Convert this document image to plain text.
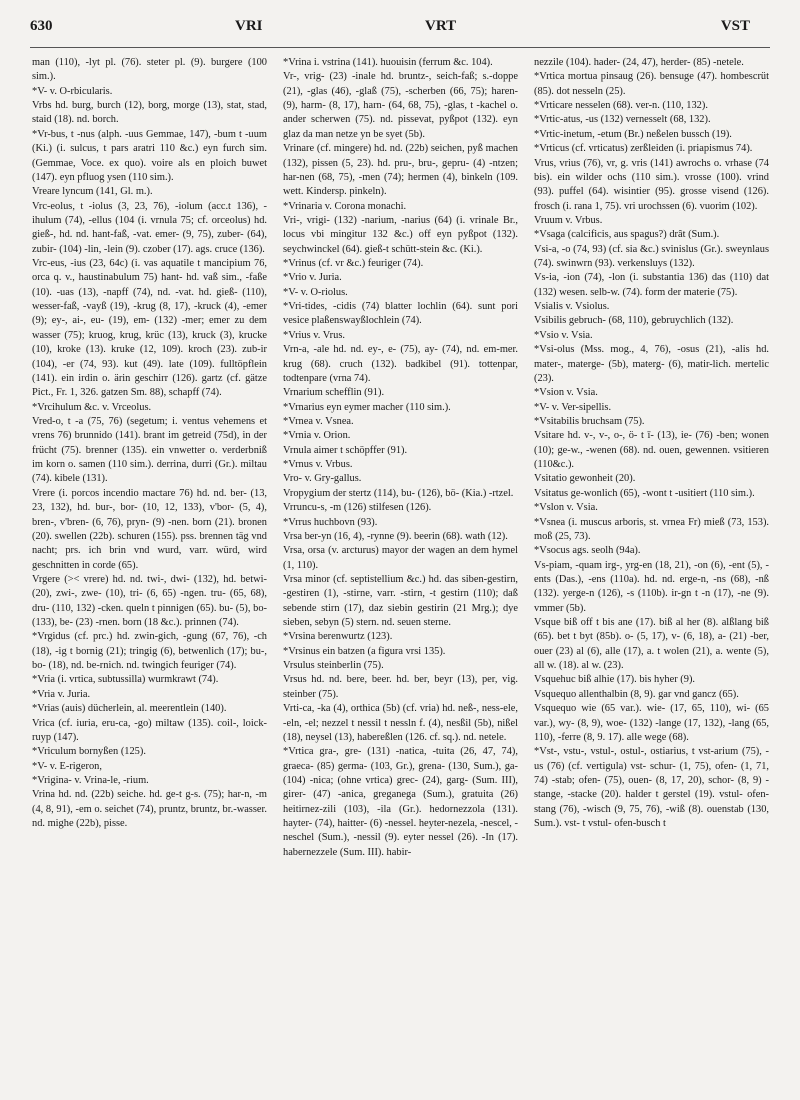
630	VRI	VRT	VST

man (110), -lyt pl. (76). steter pl. (9). burgere (100 sim.).

*V- v. O-rbicularis.

Vrbs hd. burg, burch (12), borg, morge (13), stat, stad, staid (18). nd. borch.

*Vr-bus, t -nus (alph. -uus Gemmae, 147), -bum t -uum (Ki.) (i. sulcus, t pars aratri 110 &c.) eyn furch sim. (Gemmae, Voce. ex quo). voire als en ploich buwet (147). eyn pfluog ysen (110 sim.).

Vreare lyncum (141, Gl. m.).

Vrc-eolus, t -iolus (3, 23, 76), -iolum (acc.t 136), -ihulum (74), -ellus (104 (i. vrnula 75; cf. orceolus) hd. gieß-, hd. nd. hant-faß, -vat. emer- (9, 75), zuber- (64), zubir- (104) -lin, -lein (9). czober (17). ags. cruce (136).

Vrc-eus, -ius (23, 64c) (i. vas aquatile t mancipium 76, orca q. v., haustinabulum 75) hant- hd. vaß sim., -faße (10). -uas (13), -napff (74), nd. -vat. hd. gieß- (110), wesser-faß, -vayß (19), -krug (8, 17), -kruck (4), -emer (9); ey-, ai-, eu- (19), em- (132) -mer; emer zu dem wasser (75); kruog, krug, krüc (13), kruck (3), krucke (10), kroke (13). kruke (12, 109). kroch (23). zub-ir (104), -er (74, 93). kut (49). late (109). fulltöpflein (141). ein irdin o. ärin geschirr (126). gartz (cf. gätze Pict., Fr. 1, 326. gatzen Sm. 88), schapff (74).

*Vrcihulum &c. v. Vrceolus.

Vred-o, t -a (75, 76) (segetum; i. ventus vehemens et vrens 76) brunnido (141). brant im getreid (75d), in der frücht (75). brenner (135). ein vnwetter o. verderbniß im korn o. samen (110 sim.). derrina, durri (Gr.). miltau (74). kibele (131).

Vrere (i. porcos incendio mactare 76) hd. nd. ber- (13, 23, 132), hd. bur-, bor- (10, 12, 133), v'bor- (5, 4), bren-, v'bren- (6, 76), pryn- (9) -nen. born (21). bronen (20). swellen (22b). schuren (155). pss. brennen täg vnd nacht; prs. ich brin vnd wurd, varr. würd, wird geschnitten in corde (65).

Vrgere (>< vrere) hd. nd. twi-, dwi- (132), hd. betwi- (20), zwi-, zwe- (10), tri- (6, 65) -ngen. tru- (65, 68), dru- (110, 132) -cken. queln t pinnigen (65). bu- (5), bo- (133), be- (23) -rnen. born (18 &c.). prinnen (74).

*Vrgidus (cf. prc.) hd. zwin-gich, -gung (67, 76), -ch (18), -ig t bornig (21); tringig (6), betwenlich (17); bu-, bo- (18), nd. be-rnich. nd. twingich feuriger (74).

*Vria (i. vrtica, subtussilla) wurmkrawt (74).

*Vria v. Juria.

*Vrias (auis) dücherlein, al. meerentlein (140).

Vrica (cf. iuria, eru-ca, -go) miltaw (135). coil-, loick-ruyp (147).

*Vriculum bornyßen (125).

*V- v. E-rigeron,

*Vrigina- v. Vrina-le, -rium.

Vrina hd. nd. (22b) seiche. hd. ge-t g-s. (75); har-n, -m (4, 8, 91), -em o. seichet (74), pruntz, bruntz, br.-wasser. nd. mighe (22b), pisse.

*Vrina i. vstrina (141). huouisin (ferrum &c. 104).

Vr-, vrig- (23) -inale hd. bruntz-, seich-faß; s.-doppe (21), -glas (46), -glaß (75), -scherben (66, 75); haren- (9), harm- (8, 17), harn- (64, 68, 75), -glas, t -kachel o. ander scherwen (75). nd. pissevat, pyßpot (132). eyn glaz da man netze yn be syet (5b).

Vrinare (cf. mingere) hd. nd. (22b) seichen, pyß machen (132), pissen (5, 23). hd. pru-, bru-, gepru- (4) -ntzen; har-nen (68, 75), -men (74); hermen (4), binkeln (109. wett. Kindersp. pinkeln).

*Vrinaria v. Corona monachi.

Vri-, vrigi- (132) -narium, -narius (64) (i. vrinale Br., locus vbi mingitur 132 &c.) off eyn pyßpot (132). seychwinckel (64). gieß-t schütt-stein &c. (Ki.).

*Vrinus (cf. vr &c.) feuriger (74).

*Vrio v. Juria.

*V- v. O-riolus.

*Vri-tides, -cidis (74) blatter lochlin (64). sunt pori vesice plaßenswayßlochlein (74).

*Vrius v. Vrus.

Vrn-a, -ale hd. nd. ey-, e- (75), ay- (74), nd. em-mer. krug (68). cruch (132). badkibel (91). tottenpar, todtenpare (vrna 74).

Vrnarium schefflin (91).

*Vrnarius eyn eymer macher (110 sim.).

*Vrnea v. Vsnea.

*Vrnia v. Orion.

Vrnula aimer t schöpffer (91).

*Vrnus v. Vrbus.

Vro- v. Gry-gallus.

Vropygium der stertz (114), bu- (126), bö- (Kia.) -rtzel.

Vrruncu-s, -m (126) stilfesen (126).

*Vrrus huchbovn (93).

Vrsa ber-yn (16, 4), -rynne (9). beerin (68). wath (12).

Vrsa, orsa (v. arcturus) mayor der wagen an dem hymel (1, 110).

Vrsa minor (cf. septistellium &c.) hd. das siben-gestirn, -gestiren (1), -stirne, varr. -stirn, -t gestirn (110); daß sebende stirn (17), daz siebin gestirin (21 Mrg.); dye sieben, sebyn (5) stern. nd. seuen sterne.

*Vrsina berenwurtz (123).

*Vrsinus ein batzen (a figura vrsi 135).

Vrsulus steinberlin (75).

Vrsus hd. nd. bere, beer. hd. ber, beyr (13), per, vig. steinber (75).

Vrti-ca, -ka (4), orthica (5b) (cf. vria) hd. neß-, ness-ele, -eln, -el; nezzel t nessil t nessln f. (4), nesßil (5b), nißel (18), neysel (13), habereßlen (126. cf. sq.). nd. netele.

*Vrtica gra-, gre- (131) -natica, -tuita (26, 47, 74), graeca- (85) germa- (103, Gr.), grena- (130, Sum.), ga- (104) -nica; (ohne vrtica) grec- (24), garg- (Sum. III), girer- (47) -anica, greganega (Sum.), gratuita (26) heitirnez-zili (103), -ila (Gr.). hedornezzola (131). hayter- (74), haitter- (6) -nessel. heyter-nezela, -nescel, -neschel (Sum.), -nessil (9). eyter nessel (26). -In (17). habernezzele (Sum. III). habir-

nezzile (104). hader- (24, 47), herder- (85) -netele.

*Vrtica mortua pinsaug (26). bensuge (47). hombescrüt (85). dot nesseln (25).

*Vrticare nesselen (68). ver-n. (110, 132).

*Vrtic-atus, -us (132) vernesselt (68, 132).

*Vrtic-inetum, -etum (Br.) neßelen bussch (19).

*Vrticus (cf. vrticatus) zerßleiden (i. priapismus 74).

Vrus, vrius (76), vr, g. vris (141) awrochs o. vrhase (74 bis). ein wilder ochs (110 sim.). vrosse (100). vrind (93). puffel (64). wisintier (95). grosse visend (126). frosch (i. rana 1, 75). vri urochssen (6). vuorim (102).

Vruum v. Vrbus.

*Vsaga (calcificis, aus spagus?) drât (Sum.).

Vsi-a, -o (74, 93) (cf. sia &c.) svinislus (Gr.). sweynlaus (74). swinwrn (93). verkensluys (132).

Vs-ia, -ion (74), -lon (i. substantia 136) das (110) dat (132) wesen. selb-w. (74). form der materie (75).

Vsialis v. Vsiolus.

Vsibilis gebruch- (68, 110), gebruychlich (132).

*Vsio v. Vsia.

*Vsi-olus (Mss. mog., 4, 76), -osus (21), -alis hd. mater-, materge- (5b), materg- (6), matir-lich. mertelic (23).

*Vsion v. Vsia.

*V- v. Ver-sipellis.

*Vsitabilis bruchsam (75).

Vsitare hd. v-, v-, o-, ö- t ī- (13), ie- (76) -ben; wonen (10); ge-w., -wenen (68). nd. ouen, gewennen. vsitieren (110&c.).

Vsitatio gewonheit (20).

Vsitatus ge-wonlich (65), -wont t -usitiert (110 sim.).

*Vslon v. Vsia.

*Vsnea (i. muscus arboris, st. vrnea Fr) mieß (73, 153). moß (25, 73).

*Vsocus ags. seolh (94a).

Vs-piam, -quam irg-, yrg-en (18, 21), -on (6), -ent (5), -ents (Das.), -ens (110a). hd. nd. erge-n, -ns (68), -nß (132). yerge-n (126), -s (110b). ir-gn t -n (17), -ne (9). vmmer (5b).

Vsque biß off t bis ane (17). biß al her (8). alßlang biß (65). bet t byt (85b). o- (5, 17), v- (6, 18), a- (21) -ber, ouer (23) al (6), alle (17), a. t wolen (21), a. wente (5), all w. (18). al w. (23).

Vsquehuc biß alhie (17). bis hyher (9).

Vsquequo allenthalbin (8, 9). gar vnd gancz (65).

Vsquequo wie (65 var.). wie- (17, 65, 110), wi- (65 var.), wy- (8, 9), woe- (132) -lange (17, 132), -lang (65, 110), -ferre (8, 9. 17). alle wege (68).

*Vst-, vstu-, vstul-, ostul-, ostiarius, t vst-arium (75), -us (76) (cf. vertigula) vst- schur- (1, 75), ofen- (1, 71, 74) -stab; ofen- (75), ouen- (8, 17, 20), schor- (8, 9) -stange, -stacke (20). halder t gerstel (19). vstul- ofen-stang (76), -wisch (9, 75, 76), -wiß (8). ouenstab (130, Sum.). vst- t vstul- ofen-busch t
